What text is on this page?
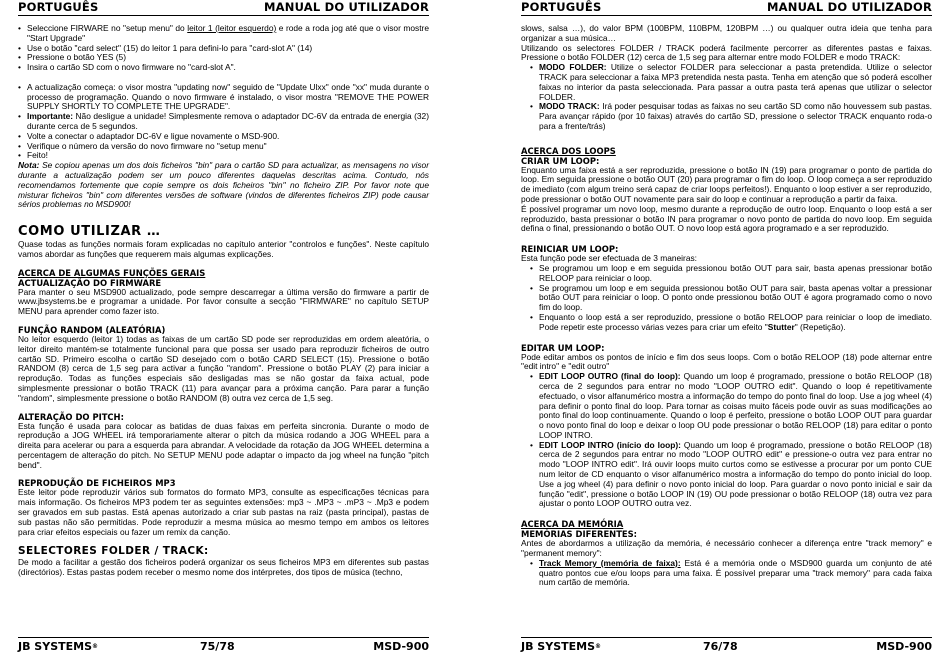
PORTUGUÊS	MANUAL DO UTILIZADOR
• Seleccione FIRWARE no "setup menu" do leitor 1 (leitor esquerdo) e rode a roda jog até que o visor mostre "Start Upgrade"
• Use o botão "card select" (15) do leitor 1 para defini-lo para "card-slot A" (14)
• Pressione o botão YES (5)
• Insira o cartão SD com o novo firmware no "card-slot A".
• A actualização começa: o visor mostra "updating now" seguido de "Update Ulxx" onde "xx" muda durante o processo de programação. Quando o novo firmware é instalado, o visor mostra "REMOVE THE POWER SUPPLY SHORTLY TO COMPLETE THE UPGRADE".
• Importante: Não desligue a unidade! Simplesmente remova o adaptador DC-6V da entrada de energia (32) durante cerca de 5 segundos.
• Volte a conectar o adaptador DC-6V e ligue novamente o MSD-900.
• Verifique o número da versão do novo firmware no "setup menu"
• Feito!

Nota: Se copiou apenas um dos dois ficheiros "bin" para o cartão SD para actualizar, as mensagens no visor durante a actualização podem ser um pouco diferentes daquelas descritas acima. Contudo, nós recomendamos fortemente que copie sempre os dois ficheiros "bin" no ficheiro ZIP. Por favor note que misturar ficheiros "bin" com diferentes versões de software (vindos de diferentes ficheiros ZIP) pode causar sérios problemas no MSD900!

COMO UTILIZAR …

Quase todas as funções normais foram explicadas no capítulo anterior "controlos e funções". Neste capítulo vamos abordar as funções que requerem mais algumas explicações.

ACERCA DE ALGUMAS FUNÇÕES GERAIS
ACTUALIZAÇÃO DO FIRMWARE

Para manter o seu MSD900 actualizado, pode sempre descarregar a última versão do firmware a partir de www.jbsystems.be e programar a unidade. Por favor consulte a secção "FIRMWARE" no capítulo SETUP MENU para aprender como fazer isto.

FUNÇÃO RANDOM (ALEATÓRIA)

No leitor esquerdo (leitor 1) todas as faixas de um cartão SD pode ser reproduzidas em ordem aleatória, o leitor direito mantém-se totalmente funcional para que possa ser usado para reproduzir ficheiros de outro cartão SD. Primeiro escolha o cartão SD desejado com o botão CARD SELECT (15). Pressione o botão RANDOM (8) cerca de 1,5 seg para activar a função "random". Pressione o botão PLAY (2) para iniciar a reprodução. Todas as funções especiais são desligadas mas se não gostar da faixa actual, pode simplesmente pressionar o botão TRACK (11) para avançar para a próxima canção. Para parar a função "random", simplesmente pressione o botão RANDOM (8) outra vez cerca de 1,5 seg.

ALTERAÇÃO DO PITCH:

Esta função é usada para colocar as batidas de duas faixas em perfeita sincronia. Durante o modo de reprodução a JOG WHEEL irá temporariamente alterar o pitch da música rodando a JOG WHEEL para a direita para acelerar ou para a esquerda para abrandar. A velocidade da rotação da JOG WHEEL determina a percentagem de alteração do pitch. No SETUP MENU pode adaptar o impacto da jog wheel na função "pitch bend".

REPRODUÇÃO DE FICHEIROS MP3

Este leitor pode reproduzir vários sub formatos do formato MP3, consulte as especificações técnicas para mais informação. Os ficheiros MP3 podem ter as seguintes extensões: mp3 ~ .MP3 ~ .mP3 ~ .Mp3 e podem ser gravados em sub pastas. Está apenas autorizado a criar sub pastas na raiz (pasta principal), pastas de sub pastas não são permitidas. Pode reproduzir a mesma música ao mesmo tempo em ambos os leitores para criar efeitos especiais ou fazer um remix da canção.

SELECTORES FOLDER / TRACK:

De modo a facilitar a gestão dos ficheiros poderá organizar os seus ficheiros MP3 em diferentes sub pastas (directórios). Estas pastas podem receber o mesmo nome dos intérpretes, dos tipos de música (techno,

JB SYSTEMS®	75/78	MSD-900
PORTUGUÊS	MANUAL DO UTILIZADOR

slows, salsa …), do valor BPM (100BPM, 110BPM, 120BPM …) ou qualquer outra ideia que tenha para organizar a sua música…

Utilizando os selectores FOLDER / TRACK poderá facilmente percorrer as diferentes pastas e faixas. Pressione o botão FOLDER (12) cerca de 1,5 seg para alternar entre modo FOLDER e modo TRACK:

• MODO FOLDER: Utilize o selector FOLDER para seleccionar a pasta pretendida. Utilize o selector TRACK para seleccionar a faixa MP3 pretendida nesta pasta. Tenha em atenção que só poderá escolher faixas no interior da pasta seleccionada. Para passar a outra pasta terá apenas que utilizar o selector FOLDER.
• MODO TRACK: Irá poder pesquisar todas as faixas no seu cartão SD como não houvessem sub pastas. Para avançar rápido (por 10 faixas) através do cartão SD, pressione o selector TRACK enquanto roda-o para a frente/trás)
ACERCA DOS LOOPS
CRIAR UM LOOP:

Enquanto uma faixa está a ser reproduzida, pressione o botão IN (19) para programar o ponto de partida do loop. Em seguida pressione o botão OUT (20) para programar o fim do loop. O loop começa a ser reproduzido de imediato (com algum treino será capaz de criar loops perfeitos!). Enquanto o loop estiver a ser reproduzido, pode pressionar o botão OUT novamente para sair do loop e continuar a reprodução a partir da faixa.

É possível programar um novo loop, mesmo durante a reprodução de outro loop. Enquanto o loop está a ser reproduzido, basta pressionar o botão IN para programar o novo ponto de partida do novo loop. Em seguida defina o final, pressionando o botão OUT. O novo loop está agora programado e a ser reproduzido.

REINICIAR UM LOOP:

Esta função pode ser efectuada de 3 maneiras:

• Se programou um loop e em seguida pressionou botão OUT para sair, basta apenas pressionar botão RELOOP para reiniciar o loop.
• Se programou um loop e em seguida pressionou botão OUT para sair, basta apenas voltar a pressionar botão OUT para reiniciar o loop. O ponto onde pressionou botão OUT é agora programado como o novo fim do loop.
• Enquanto o loop está a ser reproduzido, pressione o botão RELOOP para reiniciar o loop de imediato. Pode repetir este processo várias vezes para criar um efeito "Stutter" (Repetição).
EDITAR UM LOOP:

Pode editar ambos os pontos de início e fim dos seus loops. Com o botão RELOOP (18) pode alternar entre "edit intro" e "edit outro"

• EDIT LOOP OUTRO (final do loop): Quando um loop é programado, pressione o botão RELOOP (18) cerca de 2 segundos para entrar no modo "LOOP OUTRO edit". Quando o loop é repetitivamente efectuado, o visor alfanumérico mostra a informação do tempo do ponto final do loop. Use a jog wheel (4) para definir o ponto final do loop. Para tornar as coisas muito fáceis pode ouvir as suas modificações ao ponto final do loop continuamente. Quando o loop é perfeito, pressione o botão LOOP OUT para guardar o novo ponto final do loop e deixar o loop OU pode pressionar o botão RELOOP (18) para editar o ponto LOOP INTRO.
• EDIT LOOP INTRO (início do loop): Quando um loop é programado, pressione o botão RELOOP (18) cerca de 2 segundos para entrar no modo "LOOP OUTRO edit" e pressione-o outra vez para entrar no modo "LOOP INTRO edit". Irá ouvir loops muito curtos como se estivesse a procurar por um ponto CUE num leitor de CD enquanto o visor alfanumérico mostra a informação do tempo do ponto inicial do loop. Use a jog wheel (4) para definir o novo ponto inicial do loop. Para guardar o novo ponto inicial e sair da função "edit", pressione o botão LOOP IN (19) OU pode pressionar o botão RELOOP (18) outra vez para ajustar o ponto LOOP OUTRO outra vez.
ACERCA DA MEMÓRIA
MEMÓRIAS DIFERENTES:

Antes de abordarmos a utilização da memória, é necessário conhecer a diferença entre "track memory" e "permanent memory":

• Track Memory (memória de faixa): Está é a memória onde o MSD900 guarda um conjunto de até quatro pontos cue e/ou loops para uma faixa. É possível preparar uma "track memory" para cada faixa num cartão de memória.
JB SYSTEMS®	76/78	MSD-900
